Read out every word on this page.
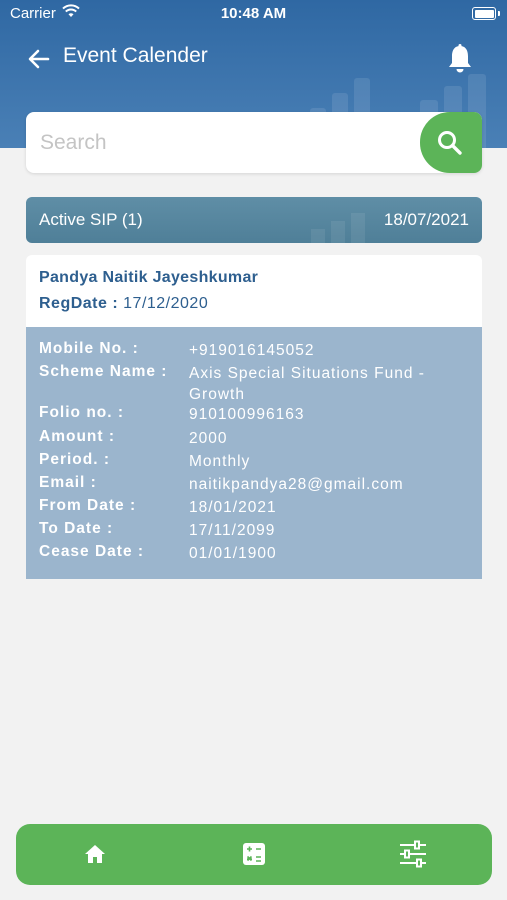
Carrier	10:48 AM
Event Calender
Search
Active SIP (1)	18/07/2021
Pandya Naitik Jayeshkumar
RegDate : 17/12/2020
Mobile No. :	+919016145052
Scheme Name : Axis Special Situations Fund - Growth
Folio no. :	910100996163
Amount :	2000
Period. :	Monthly
Email :	naitikpandya28@gmail.com
From Date :	18/01/2021
To Date :	17/11/2099
Cease Date :	01/01/1900
